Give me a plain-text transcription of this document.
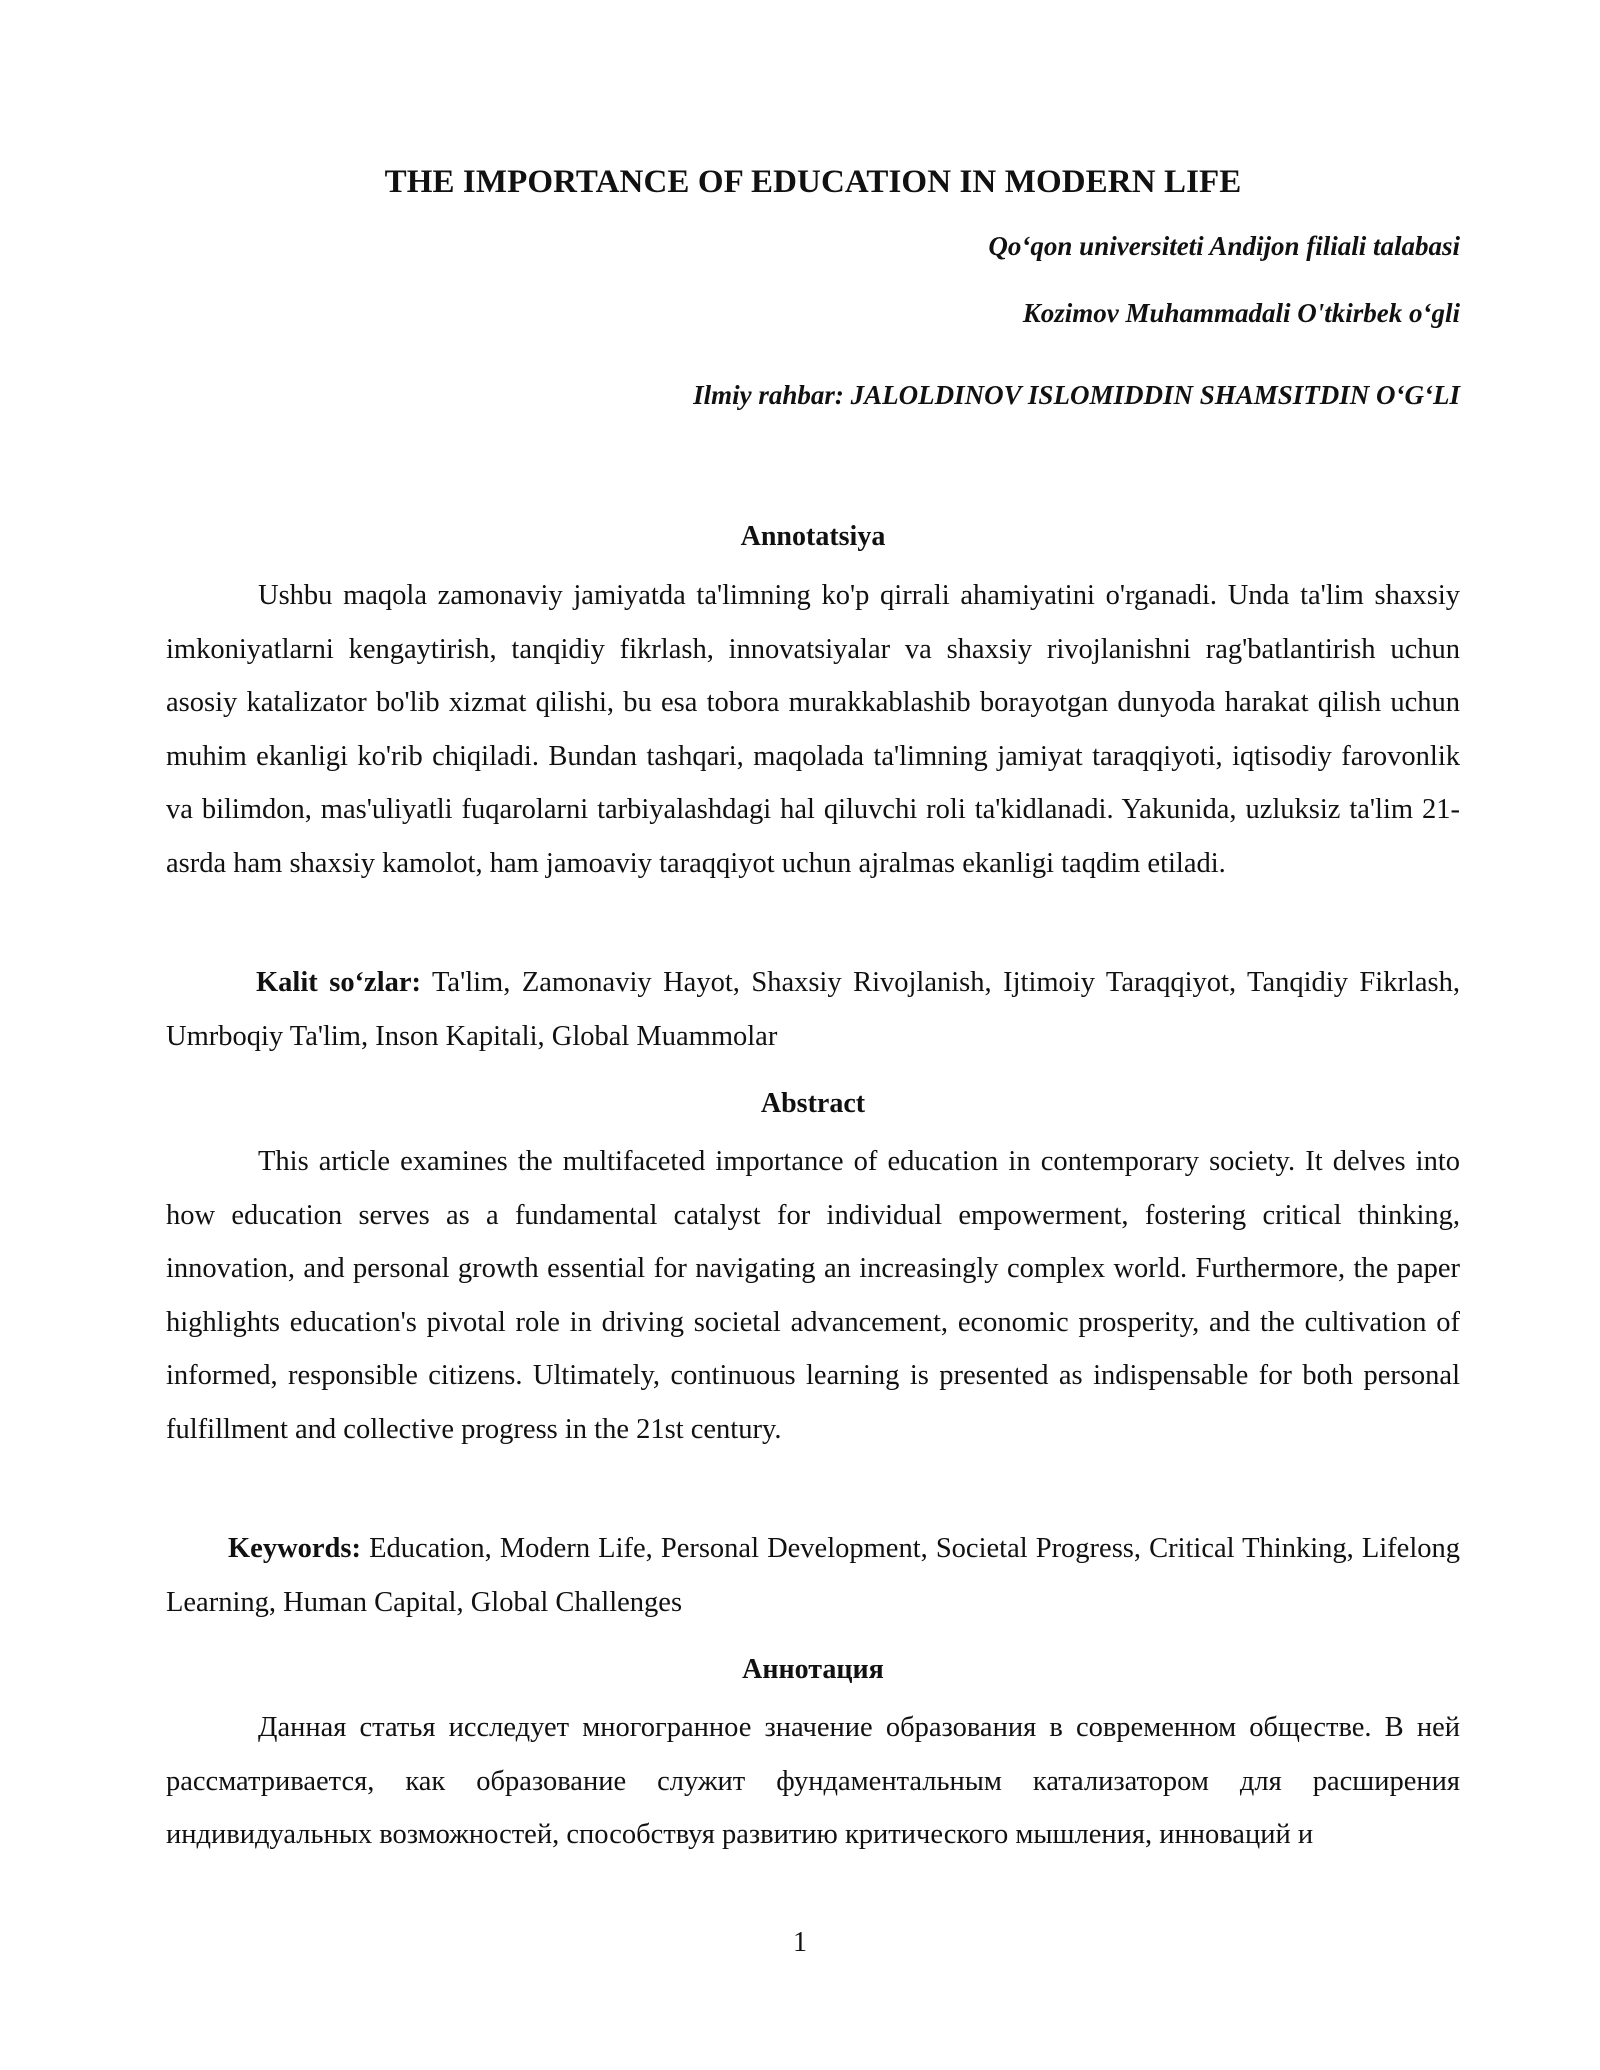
THE IMPORTANCE OF EDUCATION IN MODERN LIFE
Qo‘qon universiteti Andijon filiali talabasi
Kozimov Muhammadali O'tkirbek o‘gli
Ilmiy rahbar: JALOLDINOV ISLOMIDDIN SHAMSITDIN O‘G‘LI
Annotatsiya

Ushbu maqola zamonaviy jamiyatda ta'limning ko'p qirrali ahamiyatini o'rganadi. Unda ta'lim shaxsiy imkoniyatlarni kengaytirish, tanqidiy fikrlash, innovatsiyalar va shaxsiy rivojlanishni rag'batlantirish uchun asosiy katalizator bo'lib xizmat qilishi, bu esa tobora murakkablashib borayotgan dunyoda harakat qilish uchun muhim ekanligi ko'rib chiqiladi. Bundan tashqari, maqolada ta'limning jamiyat taraqqiyoti, iqtisodiy farovonlik va bilimdon, mas'uliyatli fuqarolarni tarbiyalashdagi hal qiluvchi roli ta'kidlanadi. Yakunida, uzluksiz ta'lim 21-asrda ham shaxsiy kamolot, ham jamoaviy taraqqiyot uchun ajralmas ekanligi taqdim etiladi.

Kalit so‘zlar: Ta'lim, Zamonaviy Hayot, Shaxsiy Rivojlanish, Ijtimoiy Taraqqiyot, Tanqidiy Fikrlash, Umrboqiy Ta'lim, Inson Kapitali, Global Muammolar

Abstract

This article examines the multifaceted importance of education in contemporary society. It delves into how education serves as a fundamental catalyst for individual empowerment, fostering critical thinking, innovation, and personal growth essential for navigating an increasingly complex world. Furthermore, the paper highlights education's pivotal role in driving societal advancement, economic prosperity, and the cultivation of informed, responsible citizens. Ultimately, continuous learning is presented as indispensable for both personal fulfillment and collective progress in the 21st century.

Keywords: Education, Modern Life, Personal Development, Societal Progress, Critical Thinking, Lifelong Learning, Human Capital, Global Challenges

Аннотация

Данная статья исследует многогранное значение образования в современном обществе. В ней рассматривается, как образование служит фундаментальным катализатором для расширения индивидуальных возможностей, способствуя развитию критического мышления, инноваций и

1
